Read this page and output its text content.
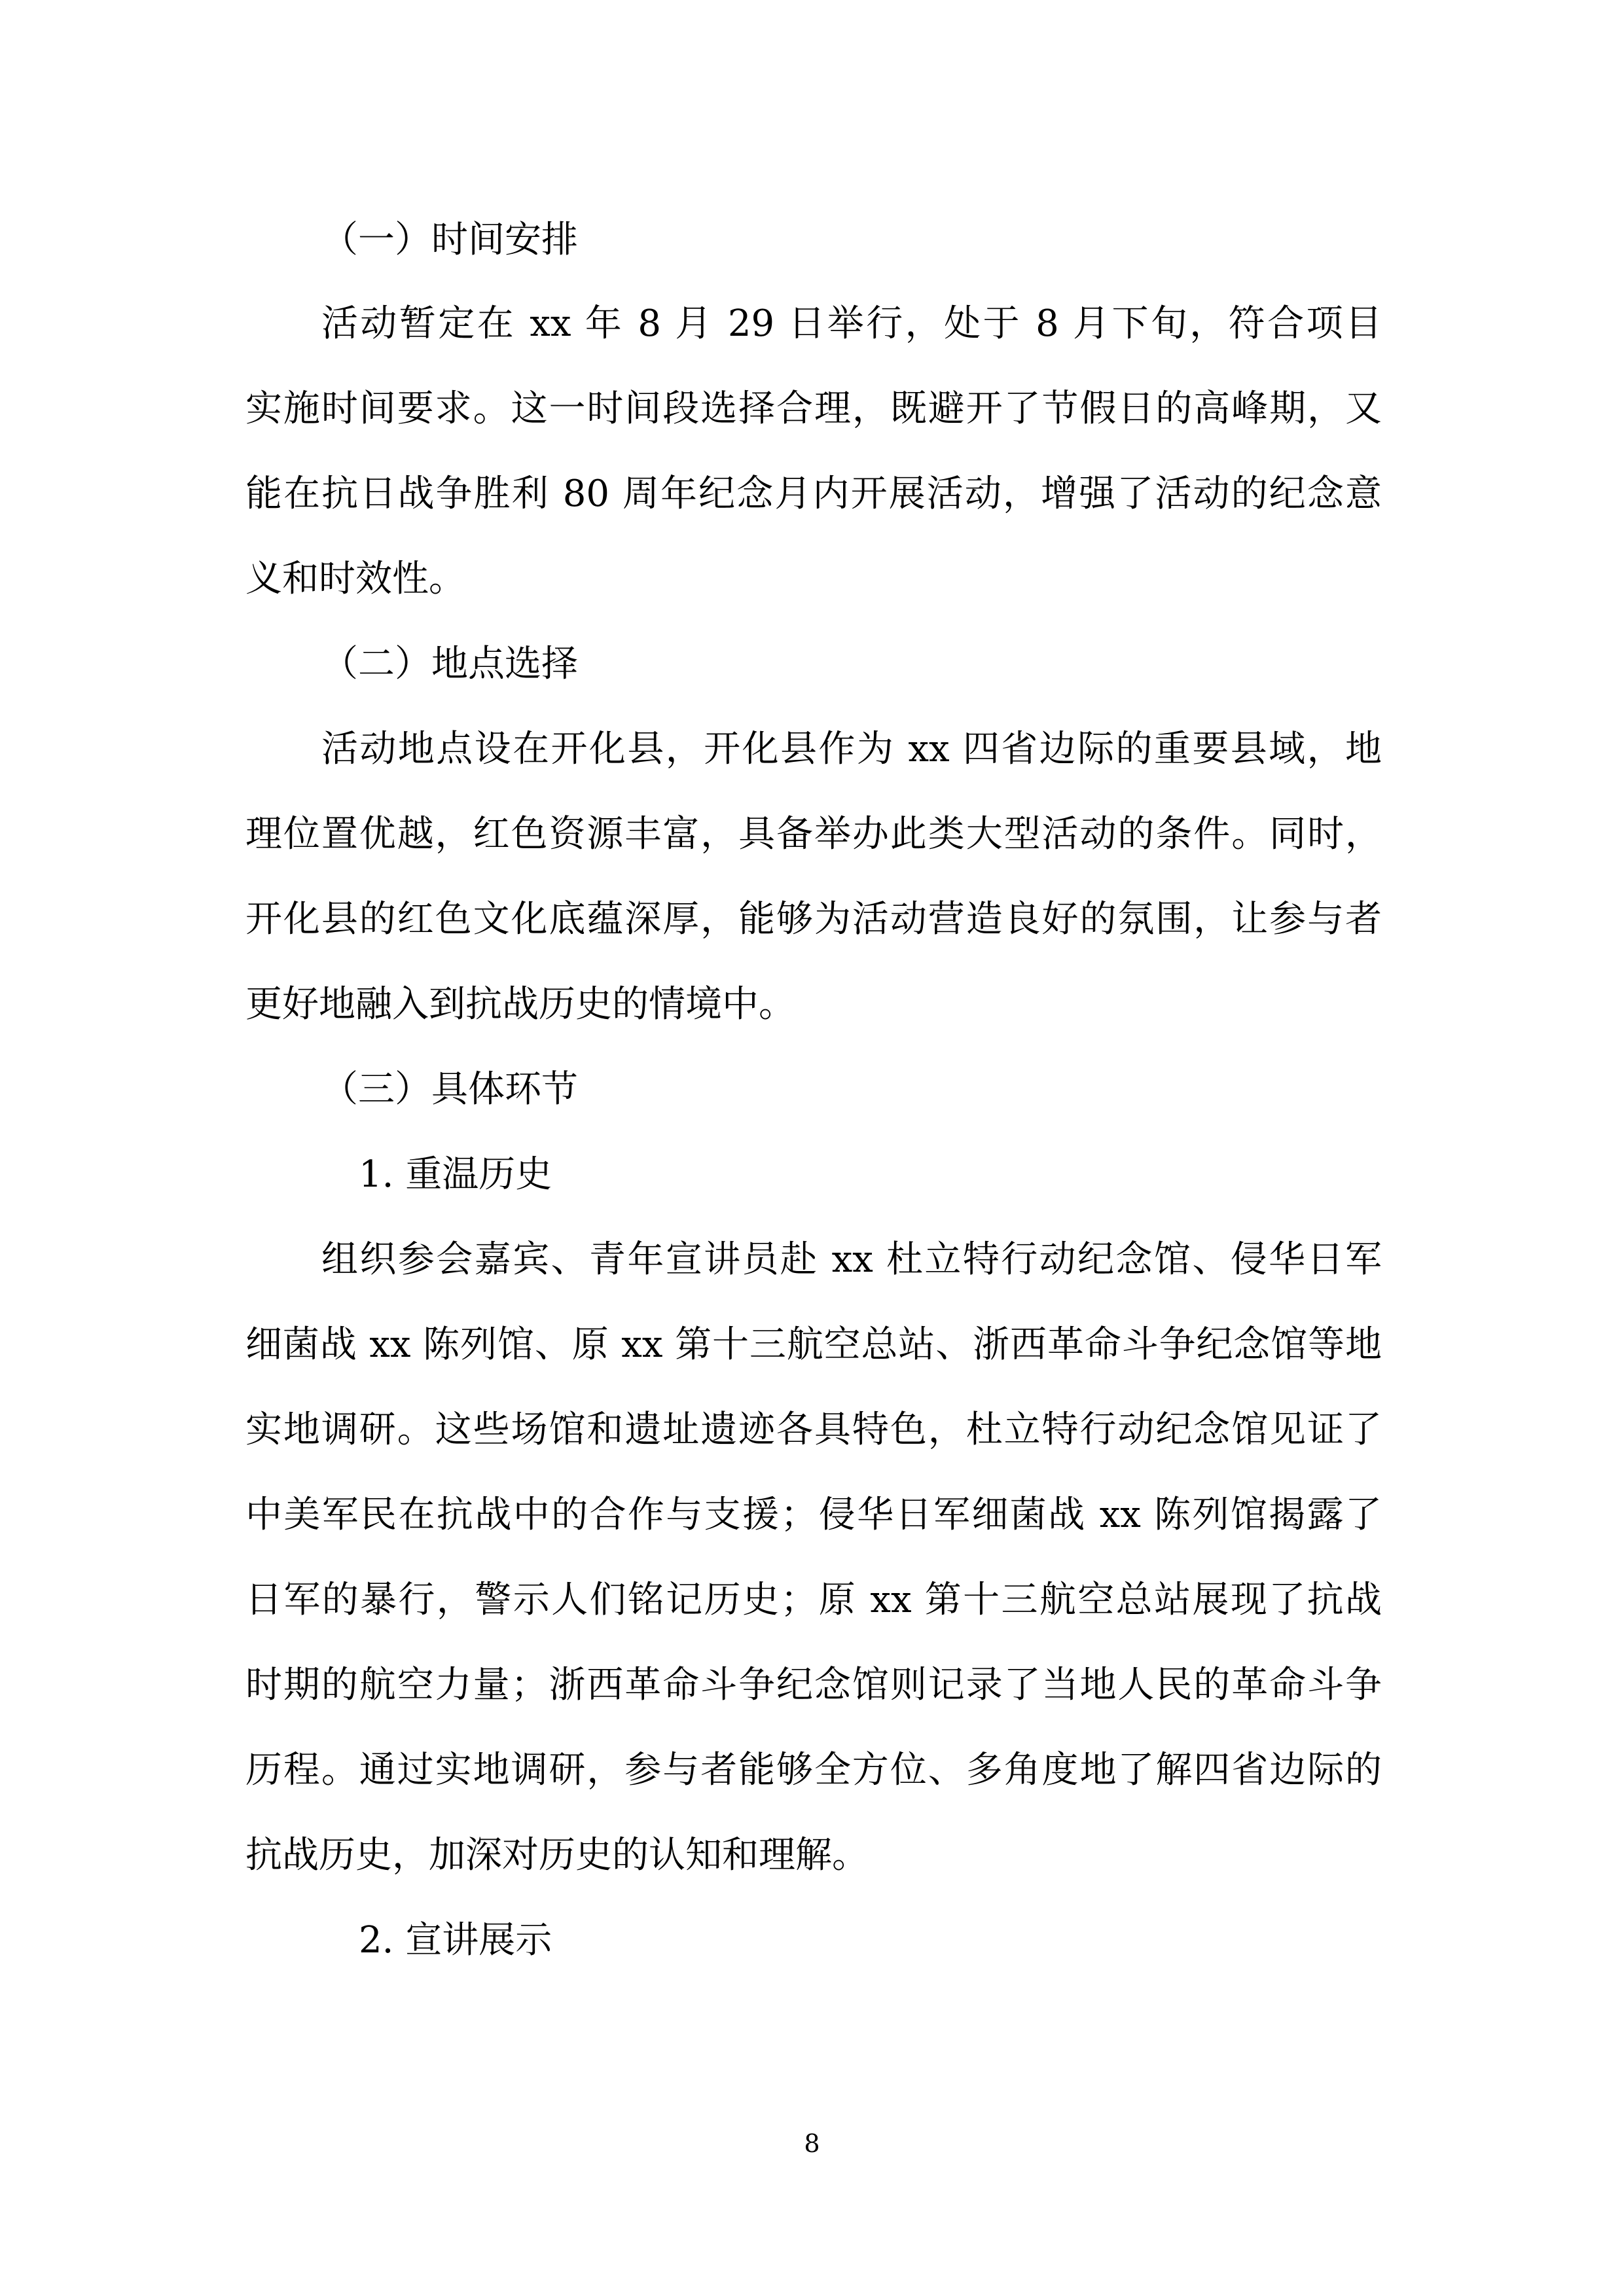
（一）时间安排
活动暂定在 xx 年 8 月 29 日举行，处于 8 月下旬，符合项目
实施时间要求。这一时间段选择合理，既避开了节假日的高峰期，又
能在抗日战争胜利 80 周年纪念月内开展活动，增强了活动的纪念意
义和时效性。
（二）地点选择
活动地点设在开化县，开化县作为 xx 四省边际的重要县域，地
理位置优越，红色资源丰富，具备举办此类大型活动的条件。同时，
开化县的红色文化底蕴深厚，能够为活动营造良好的氛围，让参与者
更好地融入到抗战历史的情境中。
（三）具体环节
1. 重温历史
组织参会嘉宾、青年宣讲员赴 xx 杜立特行动纪念馆、侵华日军
细菌战 xx 陈列馆、原 xx 第十三航空总站、浙西革命斗争纪念馆等地
实地调研。这些场馆和遗址遗迹各具特色，杜立特行动纪念馆见证了
中美军民在抗战中的合作与支援；侵华日军细菌战 xx 陈列馆揭露了
日军的暴行，警示人们铭记历史；原 xx 第十三航空总站展现了抗战
时期的航空力量；浙西革命斗争纪念馆则记录了当地人民的革命斗争
历程。通过实地调研，参与者能够全方位、多角度地了解四省边际的
抗战历史，加深对历史的认知和理解。
2. 宣讲展示
8
